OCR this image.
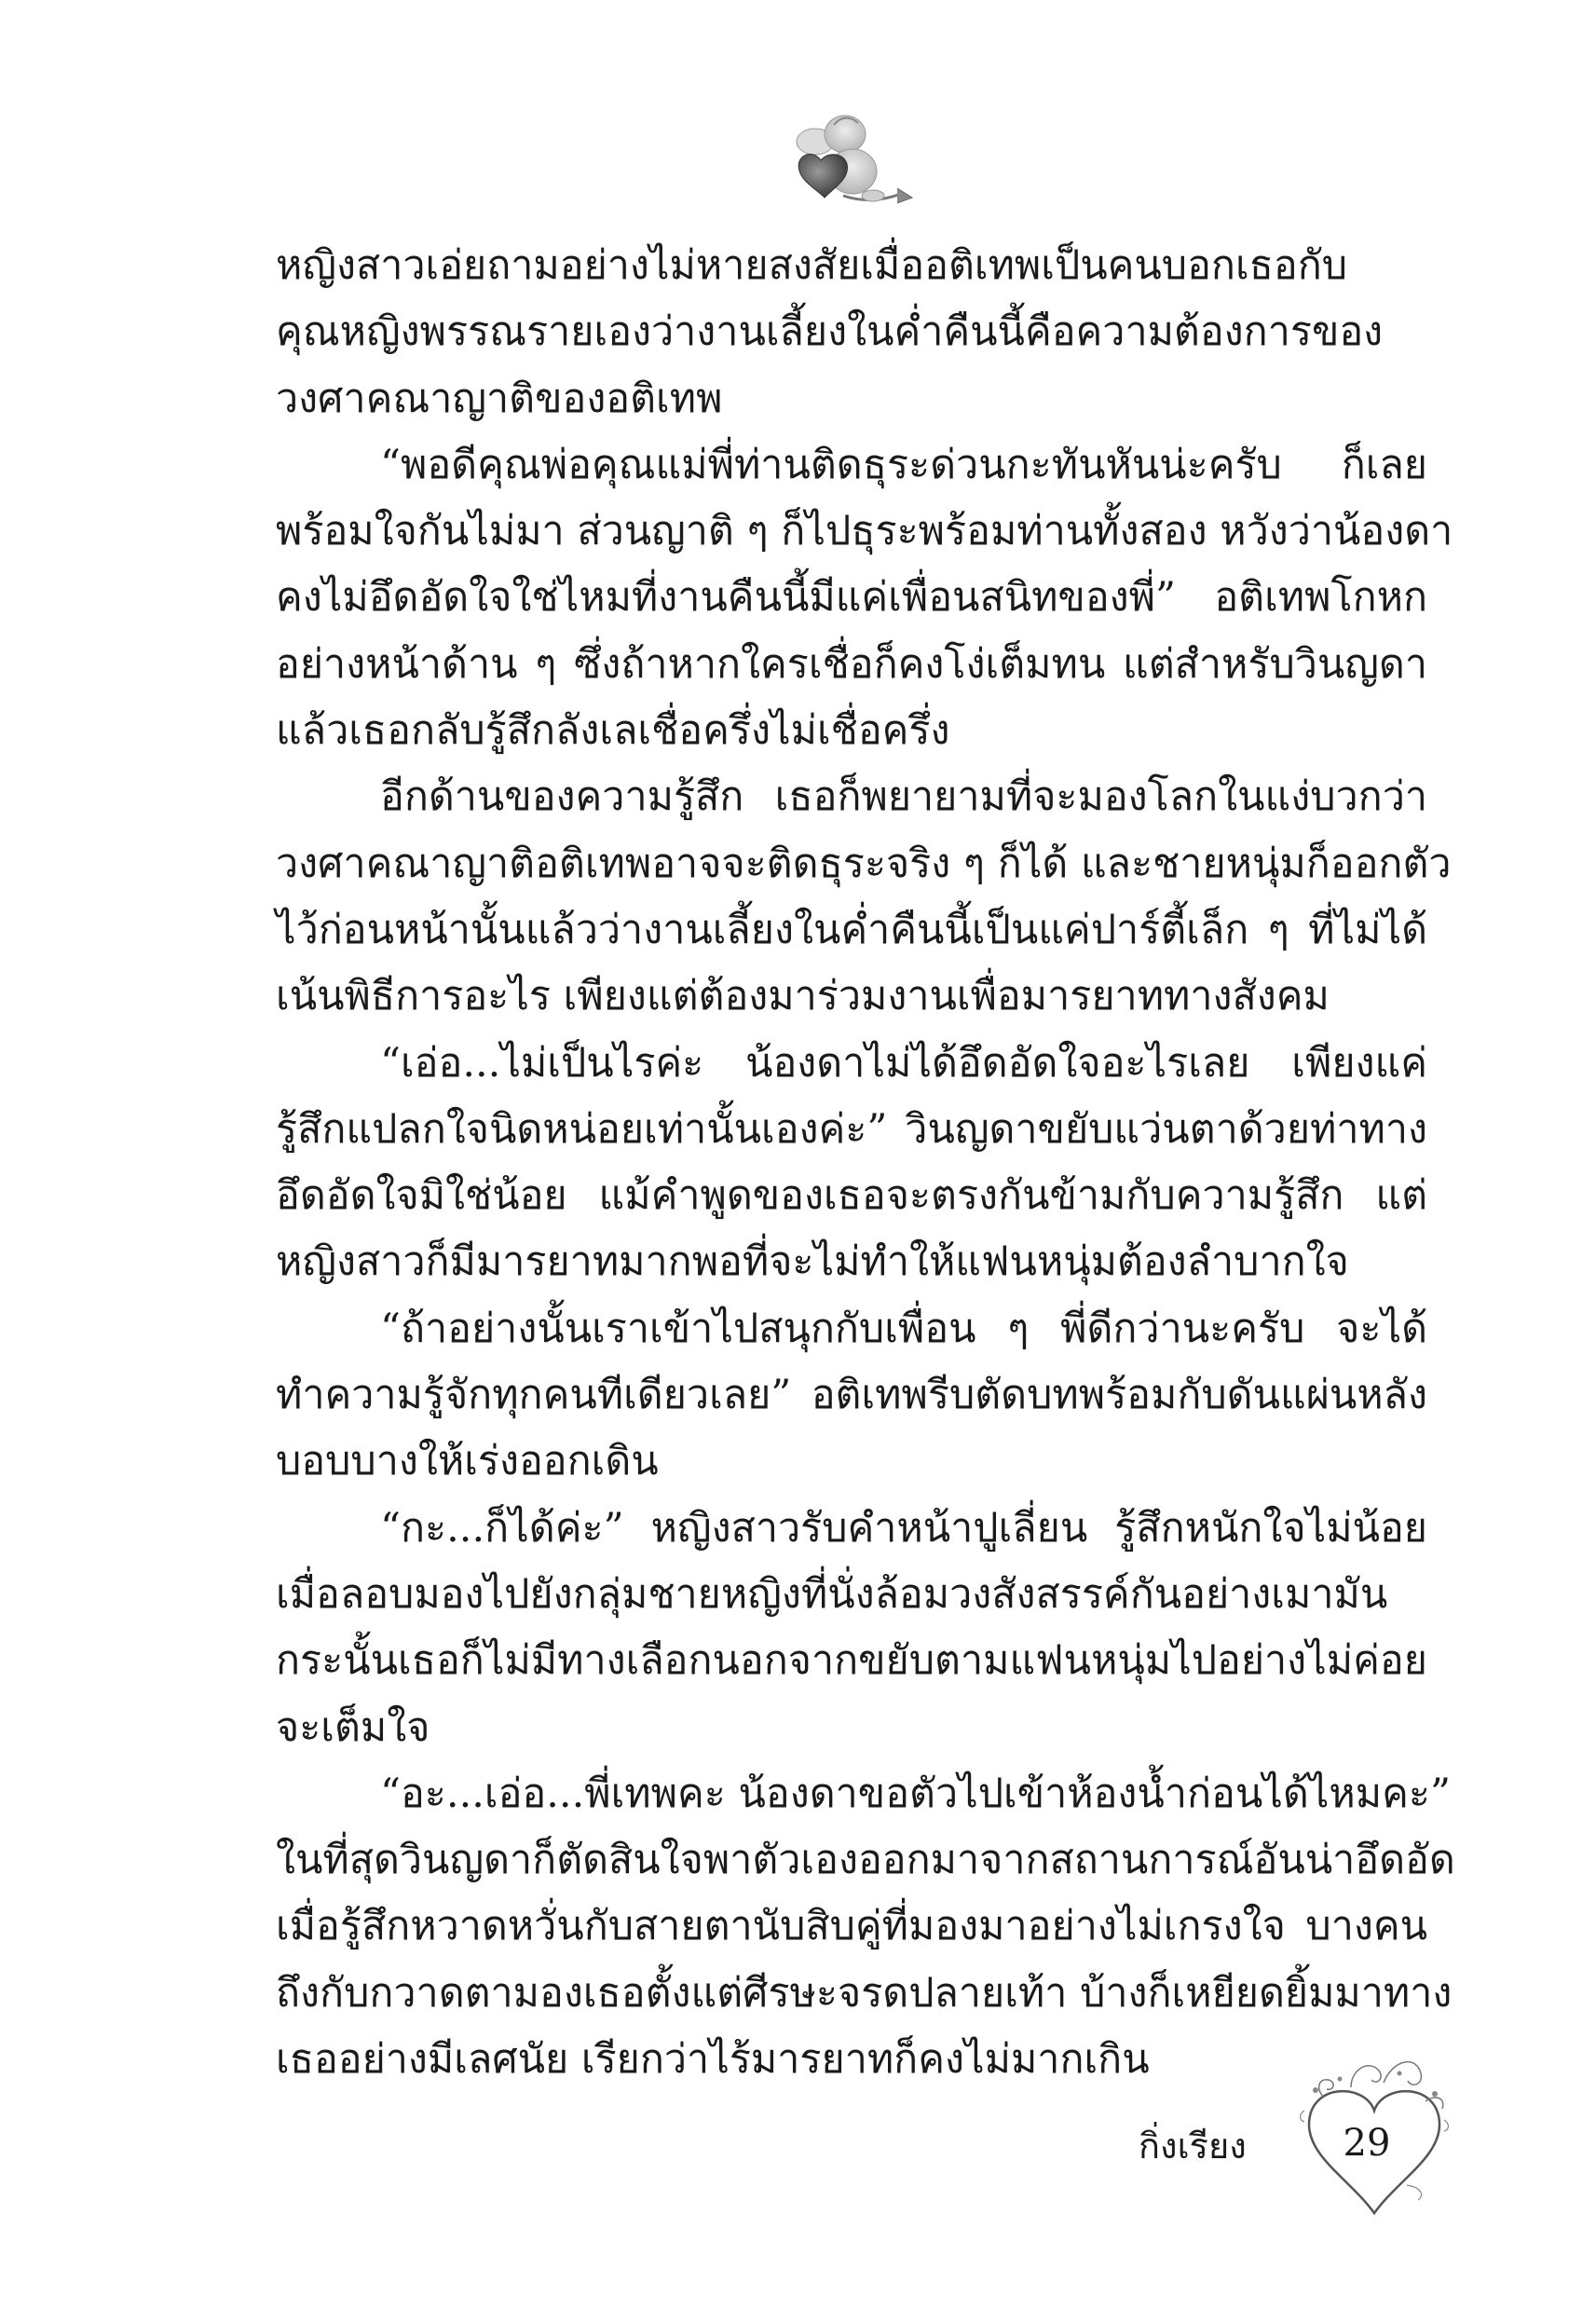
หญิงสาวเอ่ยถามอย่างไม่หายสงสัยเมื่ออติเทพเป็นคนบอกเธอกับ
คุณหญิงพรรณรายเองว่างานเลี้ยงในค่ำคืนนี้คือความต้องการของ
วงศาคณาญาติของอติเทพ
“พอดีคุณพ่อคุณแม่พี่ท่านติดธุระด่วนกะทันหันน่ะครับ ก็เลย
พร้อมใจกันไม่มา ส่วนญาติ ๆ ก็ไปธุระพร้อมท่านทั้งสอง หวังว่าน้องดา
คงไม่อึดอัดใจใช่ไหมที่งานคืนนี้มีแค่เพื่อนสนิทของพี่” อติเทพโกหก
อย่างหน้าด้าน ๆ ซึ่งถ้าหากใครเชื่อก็คงโง่เต็มทน แต่สำหรับวินญดา
แล้วเธอกลับรู้สึกลังเลเชื่อครึ่งไม่เชื่อครึ่ง
อีกด้านของความรู้สึก เธอก็พยายามที่จะมองโลกในแง่บวกว่า
วงศาคณาญาติอติเทพอาจจะติดธุระจริง ๆ ก็ได้ และชายหนุ่มก็ออกตัว
ไว้ก่อนหน้านั้นแล้วว่างานเลี้ยงในค่ำคืนนี้เป็นแค่ปาร์ตี้เล็ก ๆ ที่ไม่ได้
เน้นพิธีการอะไร เพียงแต่ต้องมาร่วมงานเพื่อมารยาททางสังคม
“เอ่อ...ไม่เป็นไรค่ะ น้องดาไม่ได้อึดอัดใจอะไรเลย เพียงแค่
รู้สึกแปลกใจนิดหน่อยเท่านั้นเองค่ะ” วินญดาขยับแว่นตาด้วยท่าทาง
อึดอัดใจมิใช่น้อย แม้คำพูดของเธอจะตรงกันข้ามกับความรู้สึก แต่
หญิงสาวก็มีมารยาทมากพอที่จะไม่ทำให้แฟนหนุ่มต้องลำบากใจ
“ถ้าอย่างนั้นเราเข้าไปสนุกกับเพื่อน ๆ พี่ดีกว่านะครับ จะได้
ทำความรู้จักทุกคนทีเดียวเลย” อติเทพรีบตัดบทพร้อมกับดันแผ่นหลัง
บอบบางให้เร่งออกเดิน
“กะ...ก็ได้ค่ะ” หญิงสาวรับคำหน้าปูเลี่ยน รู้สึกหนักใจไม่น้อย
เมื่อลอบมองไปยังกลุ่มชายหญิงที่นั่งล้อมวงสังสรรค์กันอย่างเมามัน
กระนั้นเธอก็ไม่มีทางเลือกนอกจากขยับตามแฟนหนุ่มไปอย่างไม่ค่อย
จะเต็มใจ
“อะ...เอ่อ...พี่เทพคะ น้องดาขอตัวไปเข้าห้องน้ำก่อนได้ไหมคะ”
ในที่สุดวินญดาก็ตัดสินใจพาตัวเองออกมาจากสถานการณ์อันน่าอึดอัด
เมื่อรู้สึกหวาดหวั่นกับสายตานับสิบคู่ที่มองมาอย่างไม่เกรงใจ บางคน
ถึงกับกวาดตามองเธอตั้งแต่ศีรษะจรดปลายเท้า บ้างก็เหยียดยิ้มมาทาง
เธออย่างมีเลศนัย เรียกว่าไร้มารยาทก็คงไม่มากเกิน
กิ่งเรียง	29
